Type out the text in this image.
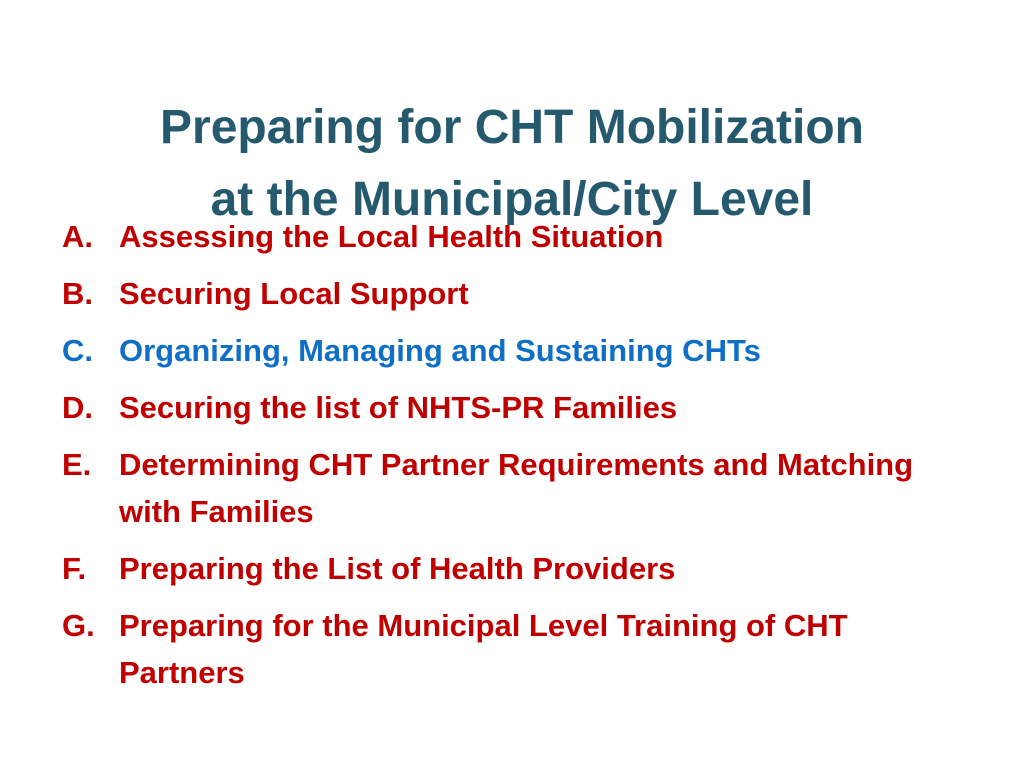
Preparing for CHT Mobilization
at the Municipal/City Level
A. Assessing the Local Health Situation
B. Securing Local Support
C. Organizing, Managing and Sustaining CHTs
D. Securing the list of NHTS-PR Families
E. Determining CHT Partner Requirements and Matching with Families
F. Preparing the List of Health Providers
G. Preparing for the Municipal Level Training of CHT Partners
